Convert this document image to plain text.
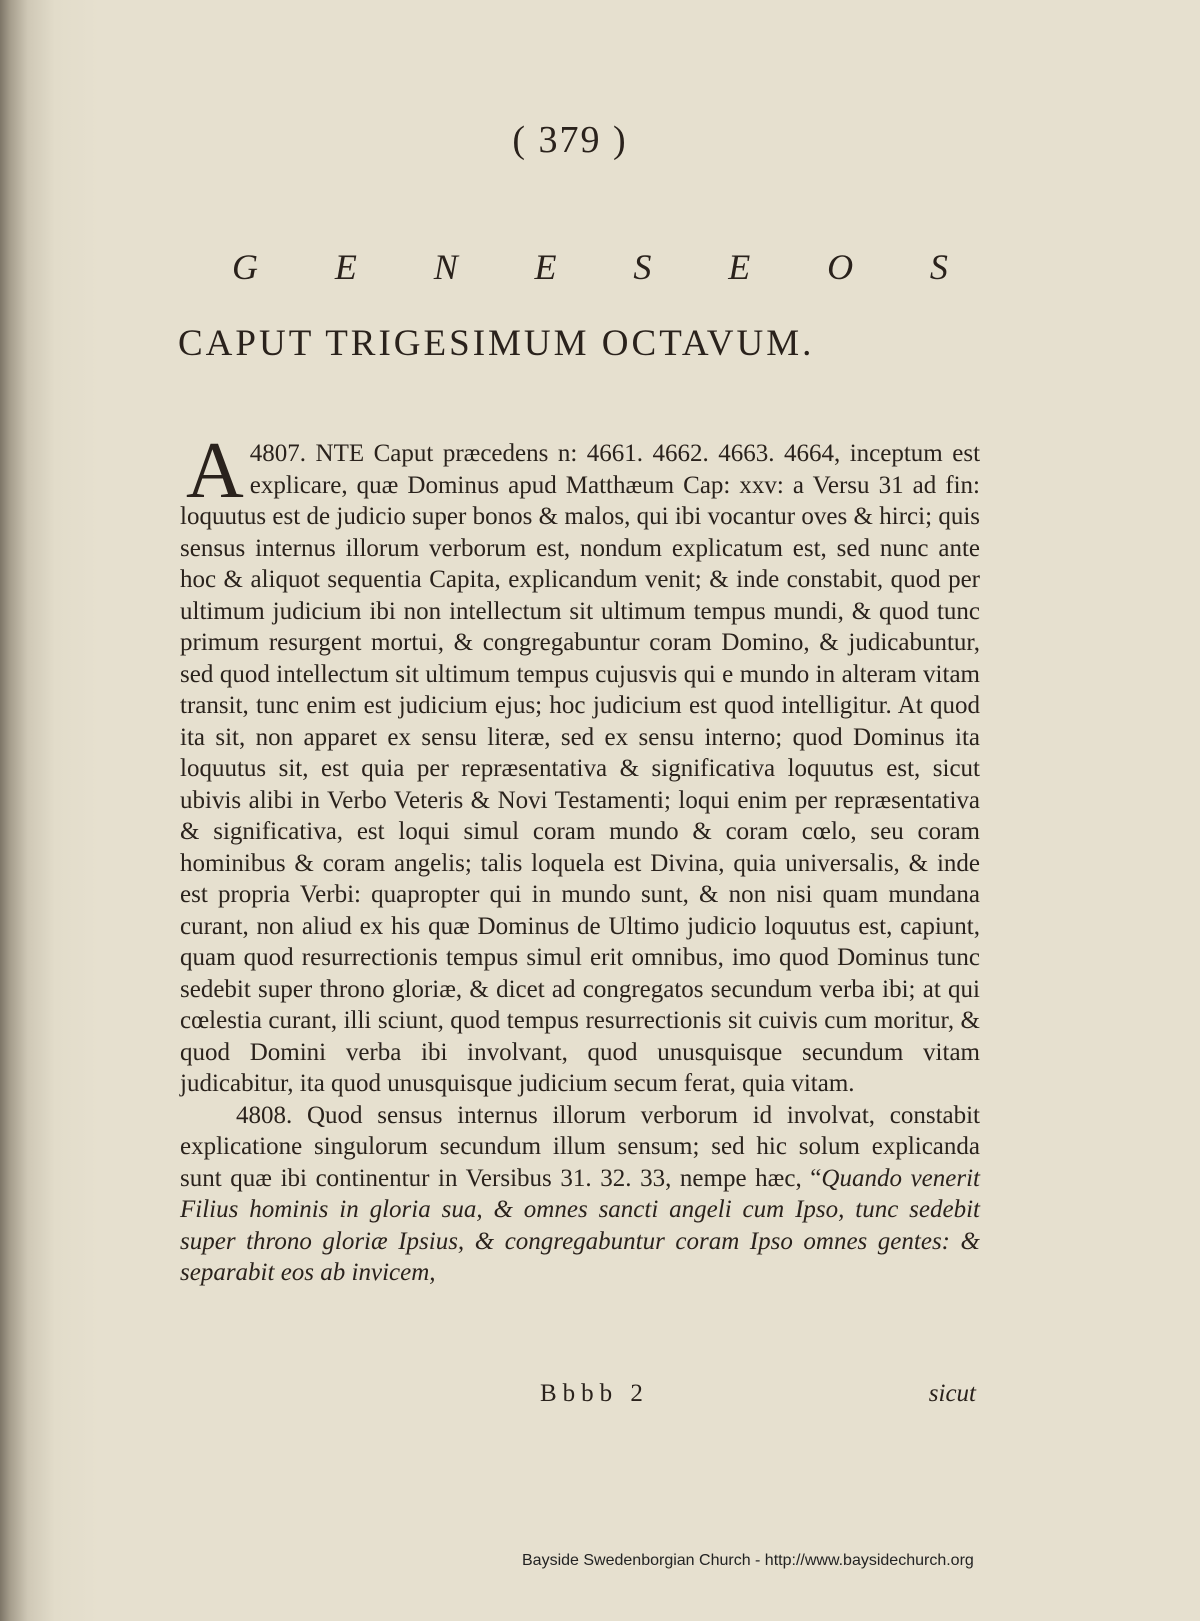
( 379 )
G E N E S E O S
CAPUT TRIGESIMUM OCTAVUM.

4807.
A	NTE Caput præcedens n: 4661. 4662. 4663. 4664, inceptum est explicare, quæ Dominus apud Matthæum Cap: xxv: a Versu 31 ad fin: loquutus est de judicio super bonos & malos, qui ibi vocantur oves & hirci; quis sensus internus illorum verborum est, nondum explicatum est, sed nunc ante hoc & aliquot sequentia Capita, explicandum venit; & inde constabit, quod per ultimum judicium ibi non intellectum sit ultimum tempus mundi, & quod tunc primum resurgent mortui, & congregabuntur coram Domino, & judicabuntur, sed quod intellectum sit ultimum tempus cujusvis qui e mundo in alteram vitam transit, tunc enim est judicium ejus; hoc judicium est quod intelligitur. At quod ita sit, non apparet ex sensu literæ, sed ex sensu interno; quod Dominus ita loquutus sit, est quia per repræsentativa & significativa loquutus est, sicut ubivis alibi in Verbo Veteris & Novi Testamenti; loqui enim per repræsentativa & significativa, est loqui simul coram mundo & coram cœlo, seu coram hominibus & coram angelis; talis loquela est Divina, quia universalis, & inde est propria Verbi: quapropter qui in mundo sunt, & non nisi quam mundana curant, non aliud ex his quæ Dominus de Ultimo judicio loquutus est, capiunt, quam quod resurrectionis tempus simul erit omnibus, imo quod Dominus tunc sedebit super throno gloriæ, & dicet ad congregatos secundum verba ibi; at qui cœlestia curant, illi sciunt, quod tempus resurrectionis sit cuivis cum moritur, & quod Domini verba ibi involvant, quod unusquisque secundum vitam judicabitur, ita quod unusquisque judicium secum ferat, quia vitam.

4808. Quod sensus internus illorum verborum id involvat, constabit explicatione singulorum secundum illum sensum; sed hic solum explicanda sunt quæ ibi continentur in Versibus 31. 32. 33, nempe hæc, “Quando venerit Filius hominis in gloria sua, & omnes sancti angeli cum Ipso, tunc sedebit super throno gloriæ Ipsius, & congregabuntur coram Ipso omnes gentes: & separabit eos ab invicem,

Bbbb 2	sicut
Bayside Swedenborgian Church - http://www.baysidechurch.org
